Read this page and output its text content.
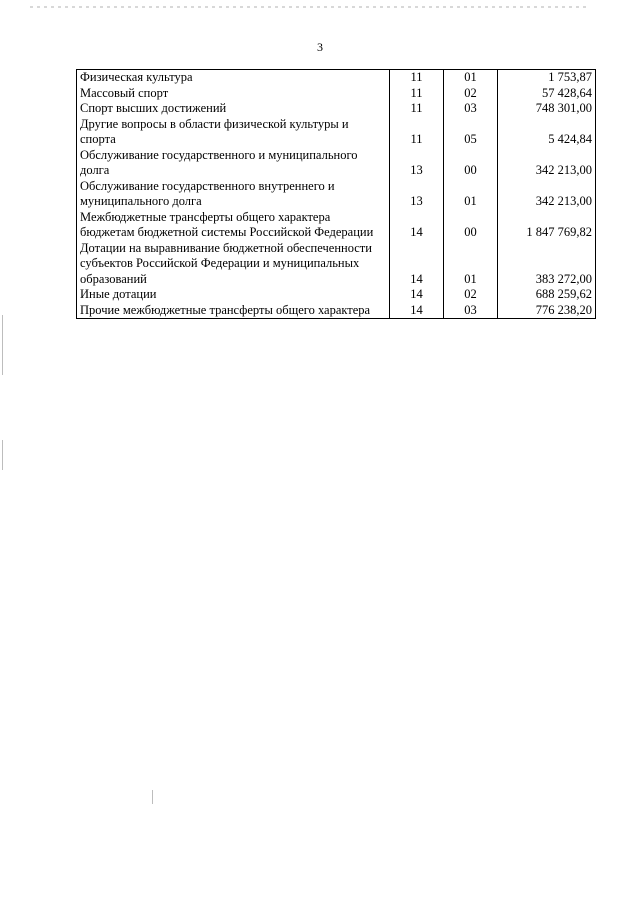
3
Физическая культура	11	01	1 753,87
Массовый спорт	11	02	57 428,64
Спорт высших достижений	11	03	748 301,00
Другие вопросы в области физической культуры и спорта	11	05	5 424,84
Обслуживание государственного и муниципального долга	13	00	342 213,00
Обслуживание государственного внутреннего и муниципального долга	13	01	342 213,00
Межбюджетные трансферты общего характера бюджетам бюджетной системы Российской Федерации	14	00	1 847 769,82
Дотации на выравнивание бюджетной обеспеченности субъектов Российской Федерации и муниципальных образований	14	01	383 272,00
Иные дотации	14	02	688 259,62
Прочие межбюджетные трансферты общего характера	14	03	776 238,20
